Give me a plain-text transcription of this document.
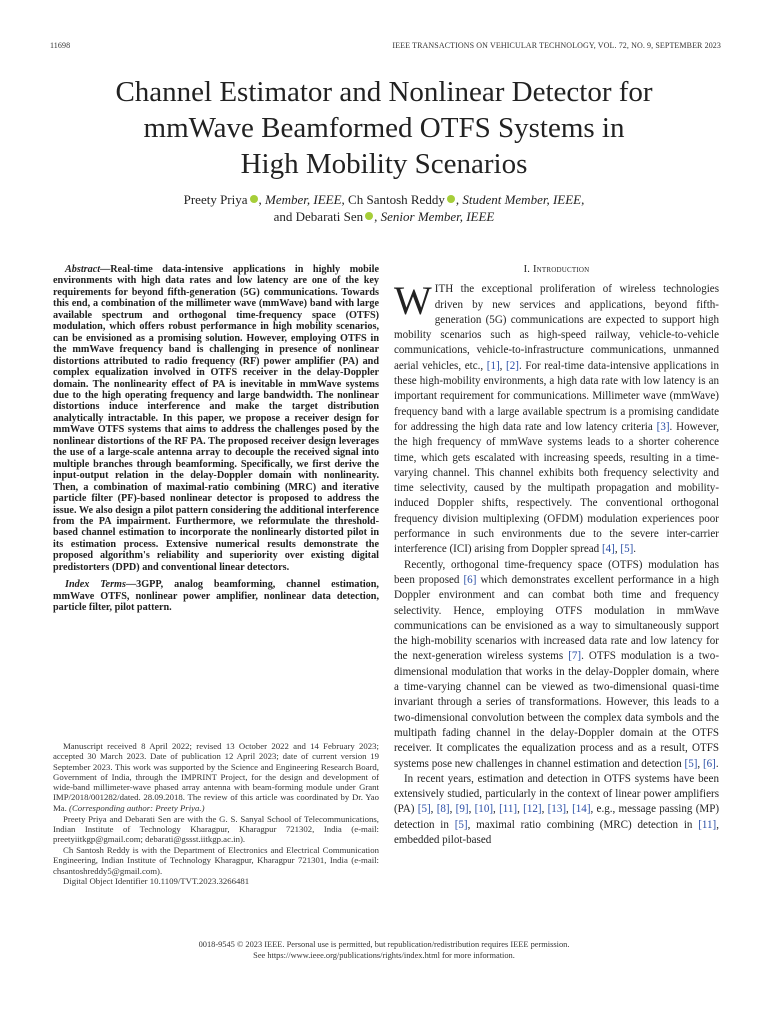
11698	IEEE TRANSACTIONS ON VEHICULAR TECHNOLOGY, VOL. 72, NO. 9, SEPTEMBER 2023
Channel Estimator and Nonlinear Detector for
mmWave Beamformed OTFS Systems in
High Mobility Scenarios
Preety Priya , Member, IEEE, Ch Santosh Reddy , Student Member, IEEE,
and Debarati Sen , Senior Member, IEEE

Abstract—Real-time data-intensive applications in highly mobile environments with high data rates and low latency are one of the key requirements for beyond fifth-generation (5G) communications. Towards this end, a combination of the millimeter wave (mmWave) band with large available spectrum and orthogonal time-frequency space (OTFS) modulation, which offers robust performance in high mobility scenarios, can be envisioned as a promising solution. However, employing OTFS in the mmWave frequency band is challenging in presence of nonlinear distortions attributed to radio frequency (RF) power amplifier (PA) and complex equalization involved in OTFS receiver in the delay-Doppler domain. The nonlinearity effect of PA is inevitable in mmWave systems due to the high operating frequency and large bandwidth. The nonlinear distortions induce interference and make the target distribution analytically intractable. In this paper, we propose a receiver design for mmWave OTFS systems that aims to address the challenges posed by the nonlinear distortions of the RF PA. The proposed receiver design leverages the use of a large-scale antenna array to decouple the received signal into multiple branches through beamforming. Specifically, we first derive the input-output relation in the delay-Doppler domain with nonlinearity. Then, a combination of maximal-ratio combining (MRC) and iterative particle filter (PF)-based nonlinear detector is proposed to address the issue. We also design a pilot pattern considering the additional interference from the PA impairment. Furthermore, we reformulate the threshold-based channel estimation to incorporate the nonlinearly distorted pilot in its estimation process. Extensive numerical results demonstrate the proposed algorithm's reliability and superiority over existing digital predistorters (DPD) and conventional linear detectors.

Index Terms—3GPP, analog beamforming, channel estimation, mmWave OTFS, nonlinear power amplifier, nonlinear data detection, particle filter, pilot pattern.

Manuscript received 8 April 2022; revised 13 October 2022 and 14 February 2023; accepted 30 March 2023. Date of publication 12 April 2023; date of current version 19 September 2023. This work was supported by the Science and Engineering Research Board, Government of India, through the IMPRINT Project, for the design and development of wide-band millimeter-wave phased array antenna with beam-forming module under Grant IMP/2018/001282/dated. 28.09.2018. The review of this article was coordinated by Dr. Yao Ma. (Corresponding author: Preety Priya.)

Preety Priya and Debarati Sen are with the G. S. Sanyal School of Telecommunications, Indian Institute of Technology Kharagpur, Kharagpur 721302, India (e-mail: preetyiitkgp@gmail.com; debarati@gssst.iitkgp.ac.in).

Ch Santosh Reddy is with the Department of Electronics and Electrical Communication Engineering, Indian Institute of Technology Kharagpur, Kharagpur 721301, India (e-mail: chsantoshreddy5@gmail.com).

Digital Object Identifier 10.1109/TVT.2023.3266481

I. Introduction

WITH the exceptional proliferation of wireless technologies driven by new services and applications, beyond fifth-generation (5G) communications are expected to support high mobility scenarios such as high-speed railway, vehicle-to-vehicle communications, vehicle-to-infrastructure communications, unmanned aerial vehicles, etc., [1], [2]. For real-time data-intensive applications in these high-mobility environments, a high data rate with low latency is an important requirement for communications. Millimeter wave (mmWave) frequency band with a large available spectrum is a promising candidate for addressing the high data rate and low latency criteria [3]. However, the high frequency of mmWave systems leads to a shorter coherence time, which gets escalated with increasing speeds, resulting in a time-varying channel. This channel exhibits both frequency selectivity and time selectivity, caused by the multipath propagation and mobility-induced Doppler shifts, respectively. The conventional orthogonal frequency division multiplexing (OFDM) modulation experiences poor performance in such environments due to the severe inter-carrier interference (ICI) arising from Doppler spread [4], [5].

Recently, orthogonal time-frequency space (OTFS) modulation has been proposed [6] which demonstrates excellent performance in a high Doppler environment and can combat both time and frequency selectivity. Hence, employing OTFS modulation in mmWave communications can be envisioned as a way to simultaneously support the high-mobility scenarios with increased data rate and low latency for the next-generation wireless systems [7]. OTFS modulation is a two-dimensional modulation that works in the delay-Doppler domain, where a time-varying channel can be viewed as two-dimensional quasi-time invariant through a series of transformations. However, this leads to a two-dimensional convolution between the complex data symbols and the multipath fading channel in the delay-Doppler domain at the OTFS receiver. It complicates the equalization process and as a result, OTFS systems pose new challenges in channel estimation and detection [5], [6].

In recent years, estimation and detection in OTFS systems have been extensively studied, particularly in the context of linear power amplifiers (PA) [5], [8], [9], [10], [11], [12], [13], [14], e.g., message passing (MP) detection in [5], maximal ratio combining (MRC) detection in [11], embedded pilot-based

0018-9545 © 2023 IEEE. Personal use is permitted, but republication/redistribution requires IEEE permission.
See https://www.ieee.org/publications/rights/index.html for more information.
